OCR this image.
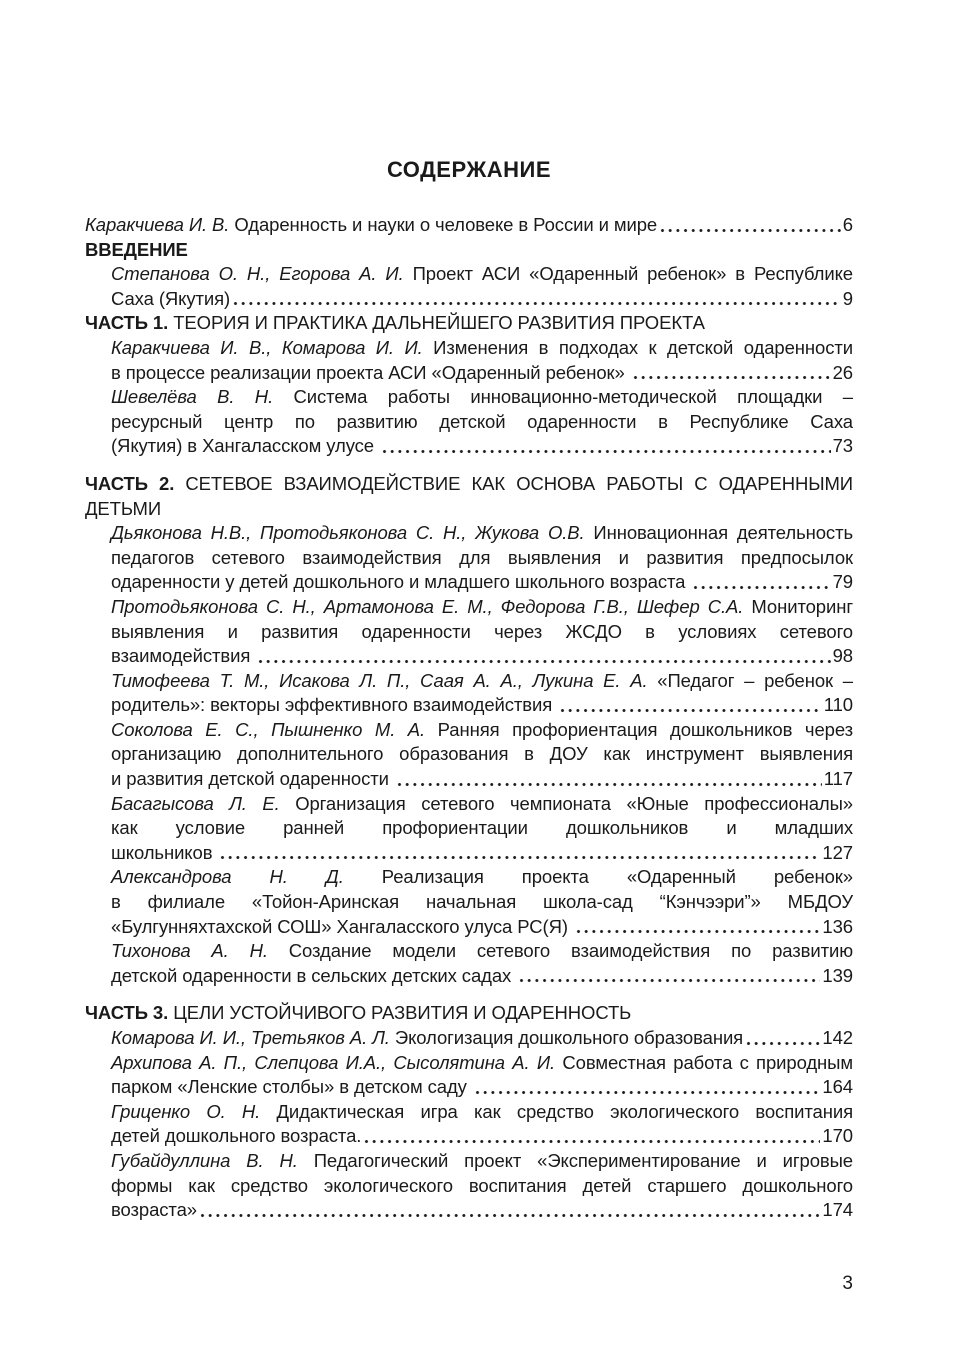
СОДЕРЖАНИЕ
Каракчиева И. В. Одаренность и науки о человеке в России и мире	6
ВВЕДЕНИЕ
Степанова О. Н., Егорова А. И. Проект АСИ «Одаренный ребенок» в Республике
Саха (Якутия)	9
ЧАСТЬ 1. ТЕОРИЯ И ПРАКТИКА ДАЛЬНЕЙШЕГО РАЗВИТИЯ ПРОЕКТА
Каракчиева И. В., Комарова И. И. Изменения в подходах к детской одаренности
в процессе реализации проекта АСИ «Одаренный ребенок»	26
Шевелёва В. Н. Система работы инновационно-методической площадки –
ресурсный центр по развитию детской одаренности в Республике Саха
(Якутия) в Хангаласском улусе	73
ЧАСТЬ 2. СЕТЕВОЕ ВЗАИМОДЕЙСТВИЕ КАК ОСНОВА РАБОТЫ С ОДАРЕННЫМИ
ДЕТЬМИ
Дьяконова Н.В., Протодьяконова С. Н., Жукова О.В. Инновационная деятельность
педагогов сетевого взаимодействия для выявления и развития предпосылок
одаренности у детей дошкольного и младшего школьного возраста	79
Протодьяконова С. Н., Артамонова Е. М., Федорова Г.В., Шефер С.А. Мониторинг
выявления и развития одаренности через ЖСДО в условиях сетевого
взаимодействия	98
Тимофеева Т. М., Исакова Л. П., Саая А. А., Лукина Е. А. «Педагог – ребенок –
родитель»: векторы эффективного взаимодействия	110
Соколова Е. С., Пышненко М. А. Ранняя профориентация дошкольников через
организацию дополнительного образования в ДОУ как инструмент выявления
и развития детской одаренности	117
Басагысова Л. Е. Организация сетевого чемпионата «Юные профессионалы»
как условие ранней профориентации дошкольников и младших
школьников	127
Александрова Н. Д. Реализация проекта «Одаренный ребенок»
в филиале «Тойон-Аринская начальная школа-сад “Кэнчээри”» МБДОУ
«Булгунняхтахской СОШ» Хангаласского улуса РС(Я)	136
Тихонова А. Н. Создание модели сетевого взаимодействия по развитию
детской одаренности в сельских детских садах	139
ЧАСТЬ 3. ЦЕЛИ УСТОЙЧИВОГО РАЗВИТИЯ И ОДАРЕННОСТЬ
Комарова И. И., Третьяков А. Л. Экологизация дошкольного образования	142
Архипова А. П., Слепцова И.А., Сысолятина А. И. Совместная работа с природным
парком «Ленские столбы» в детском саду	164
Гриценко О. Н. Дидактическая игра как средство экологического воспитания
детей дошкольного возраста.	170
Губайдуллина В. Н. Педагогический проект «Экспериментирование и игровые
формы как средство экологического воспитания детей старшего дошкольного
возраста»	174
3
